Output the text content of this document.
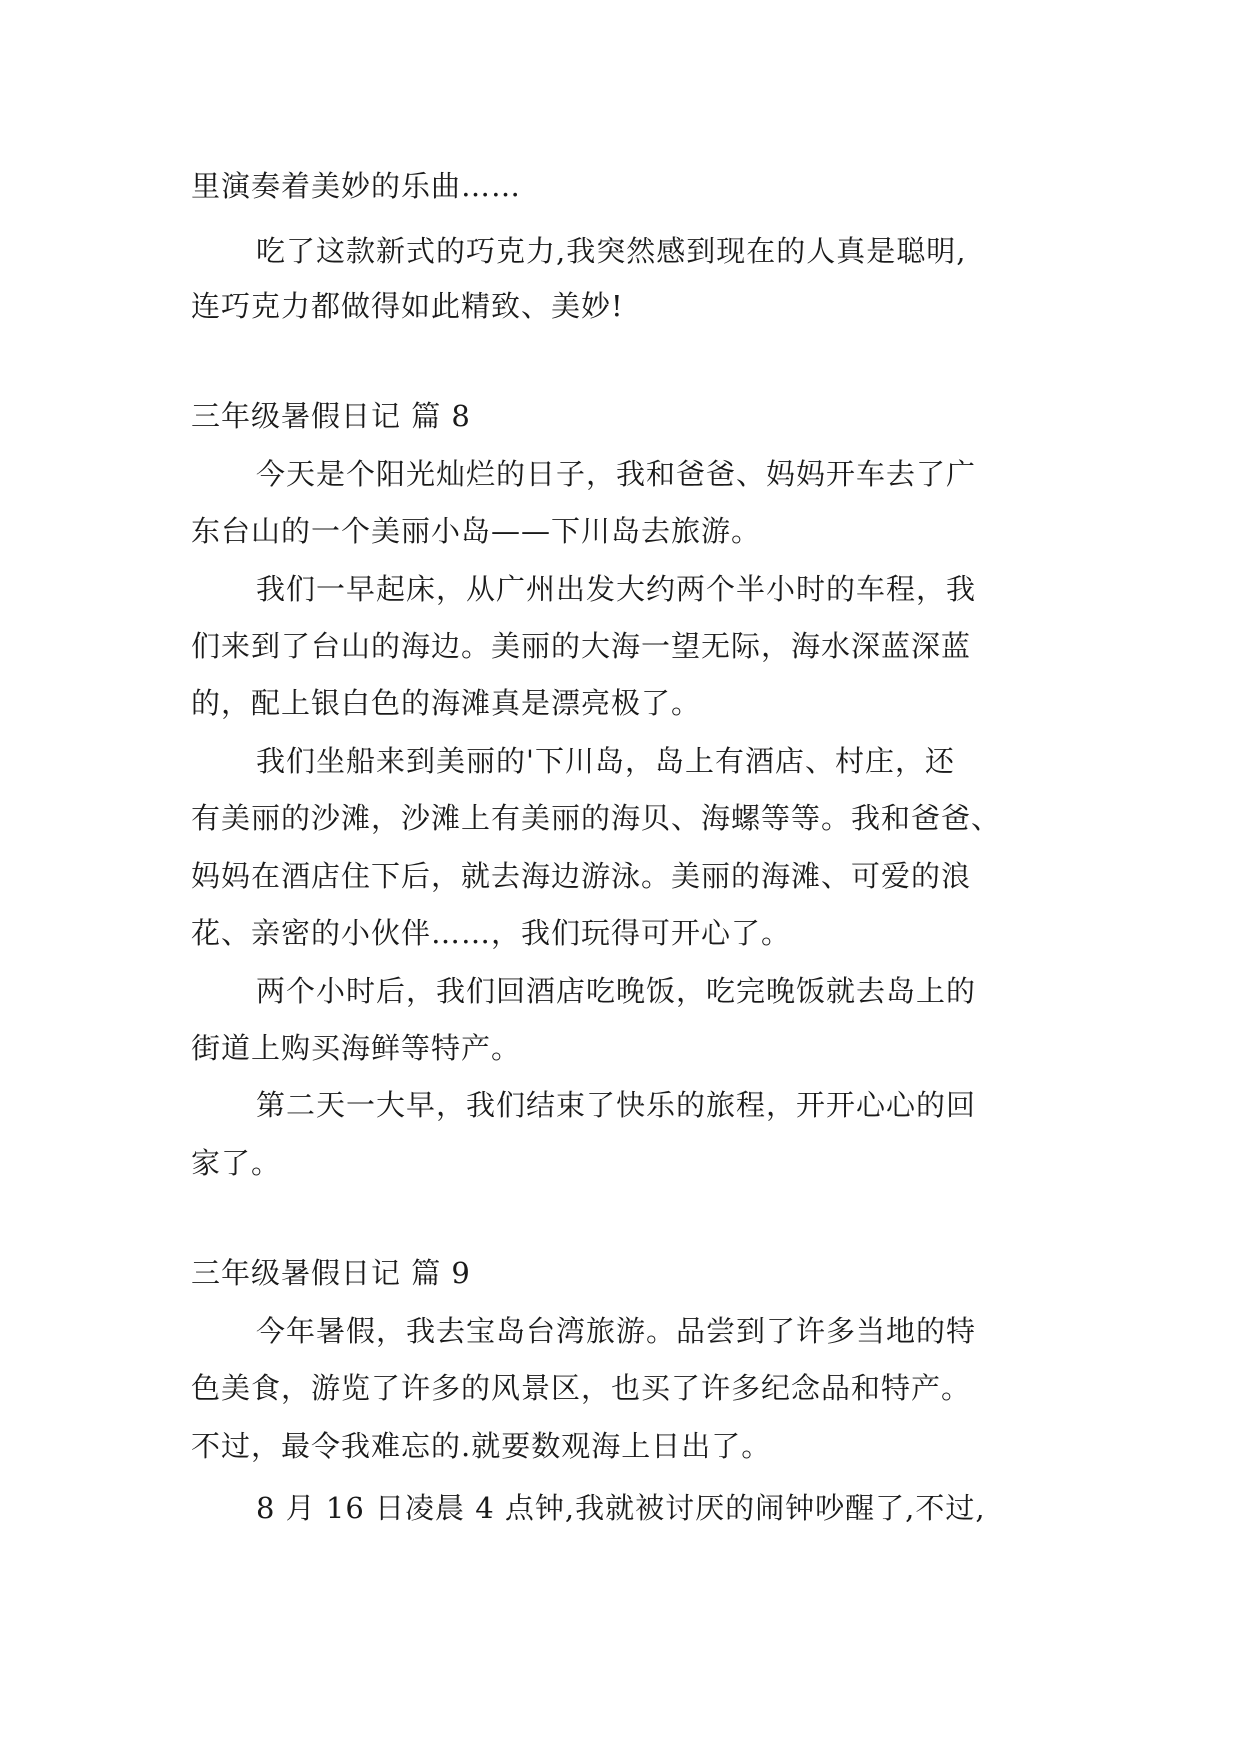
里演奏着美妙的乐曲……
吃了这款新式的巧克力,我突然感到现在的人真是聪明,
连巧克力都做得如此精致、美妙!
三年级暑假日记 篇 8
今天是个阳光灿烂的日子，我和爸爸、妈妈开车去了广
东台山的一个美丽小岛——下川岛去旅游。
我们一早起床，从广州出发大约两个半小时的车程，我
们来到了台山的海边。美丽的大海一望无际，海水深蓝深蓝
的，配上银白色的海滩真是漂亮极了。
我们坐船来到美丽的'下川岛，岛上有酒店、村庄，还
有美丽的沙滩，沙滩上有美丽的海贝、海螺等等。我和爸爸、
妈妈在酒店住下后，就去海边游泳。美丽的海滩、可爱的浪
花、亲密的小伙伴……，我们玩得可开心了。
两个小时后，我们回酒店吃晚饭，吃完晚饭就去岛上的
街道上购买海鲜等特产。
第二天一大早，我们结束了快乐的旅程，开开心心的回
家了。
三年级暑假日记 篇 9
今年暑假，我去宝岛台湾旅游。品尝到了许多当地的特
色美食，游览了许多的风景区，也买了许多纪念品和特产。
不过，最令我难忘的.就要数观海上日出了。
8 月 16 日凌晨 4 点钟,我就被讨厌的闹钟吵醒了,不过,
